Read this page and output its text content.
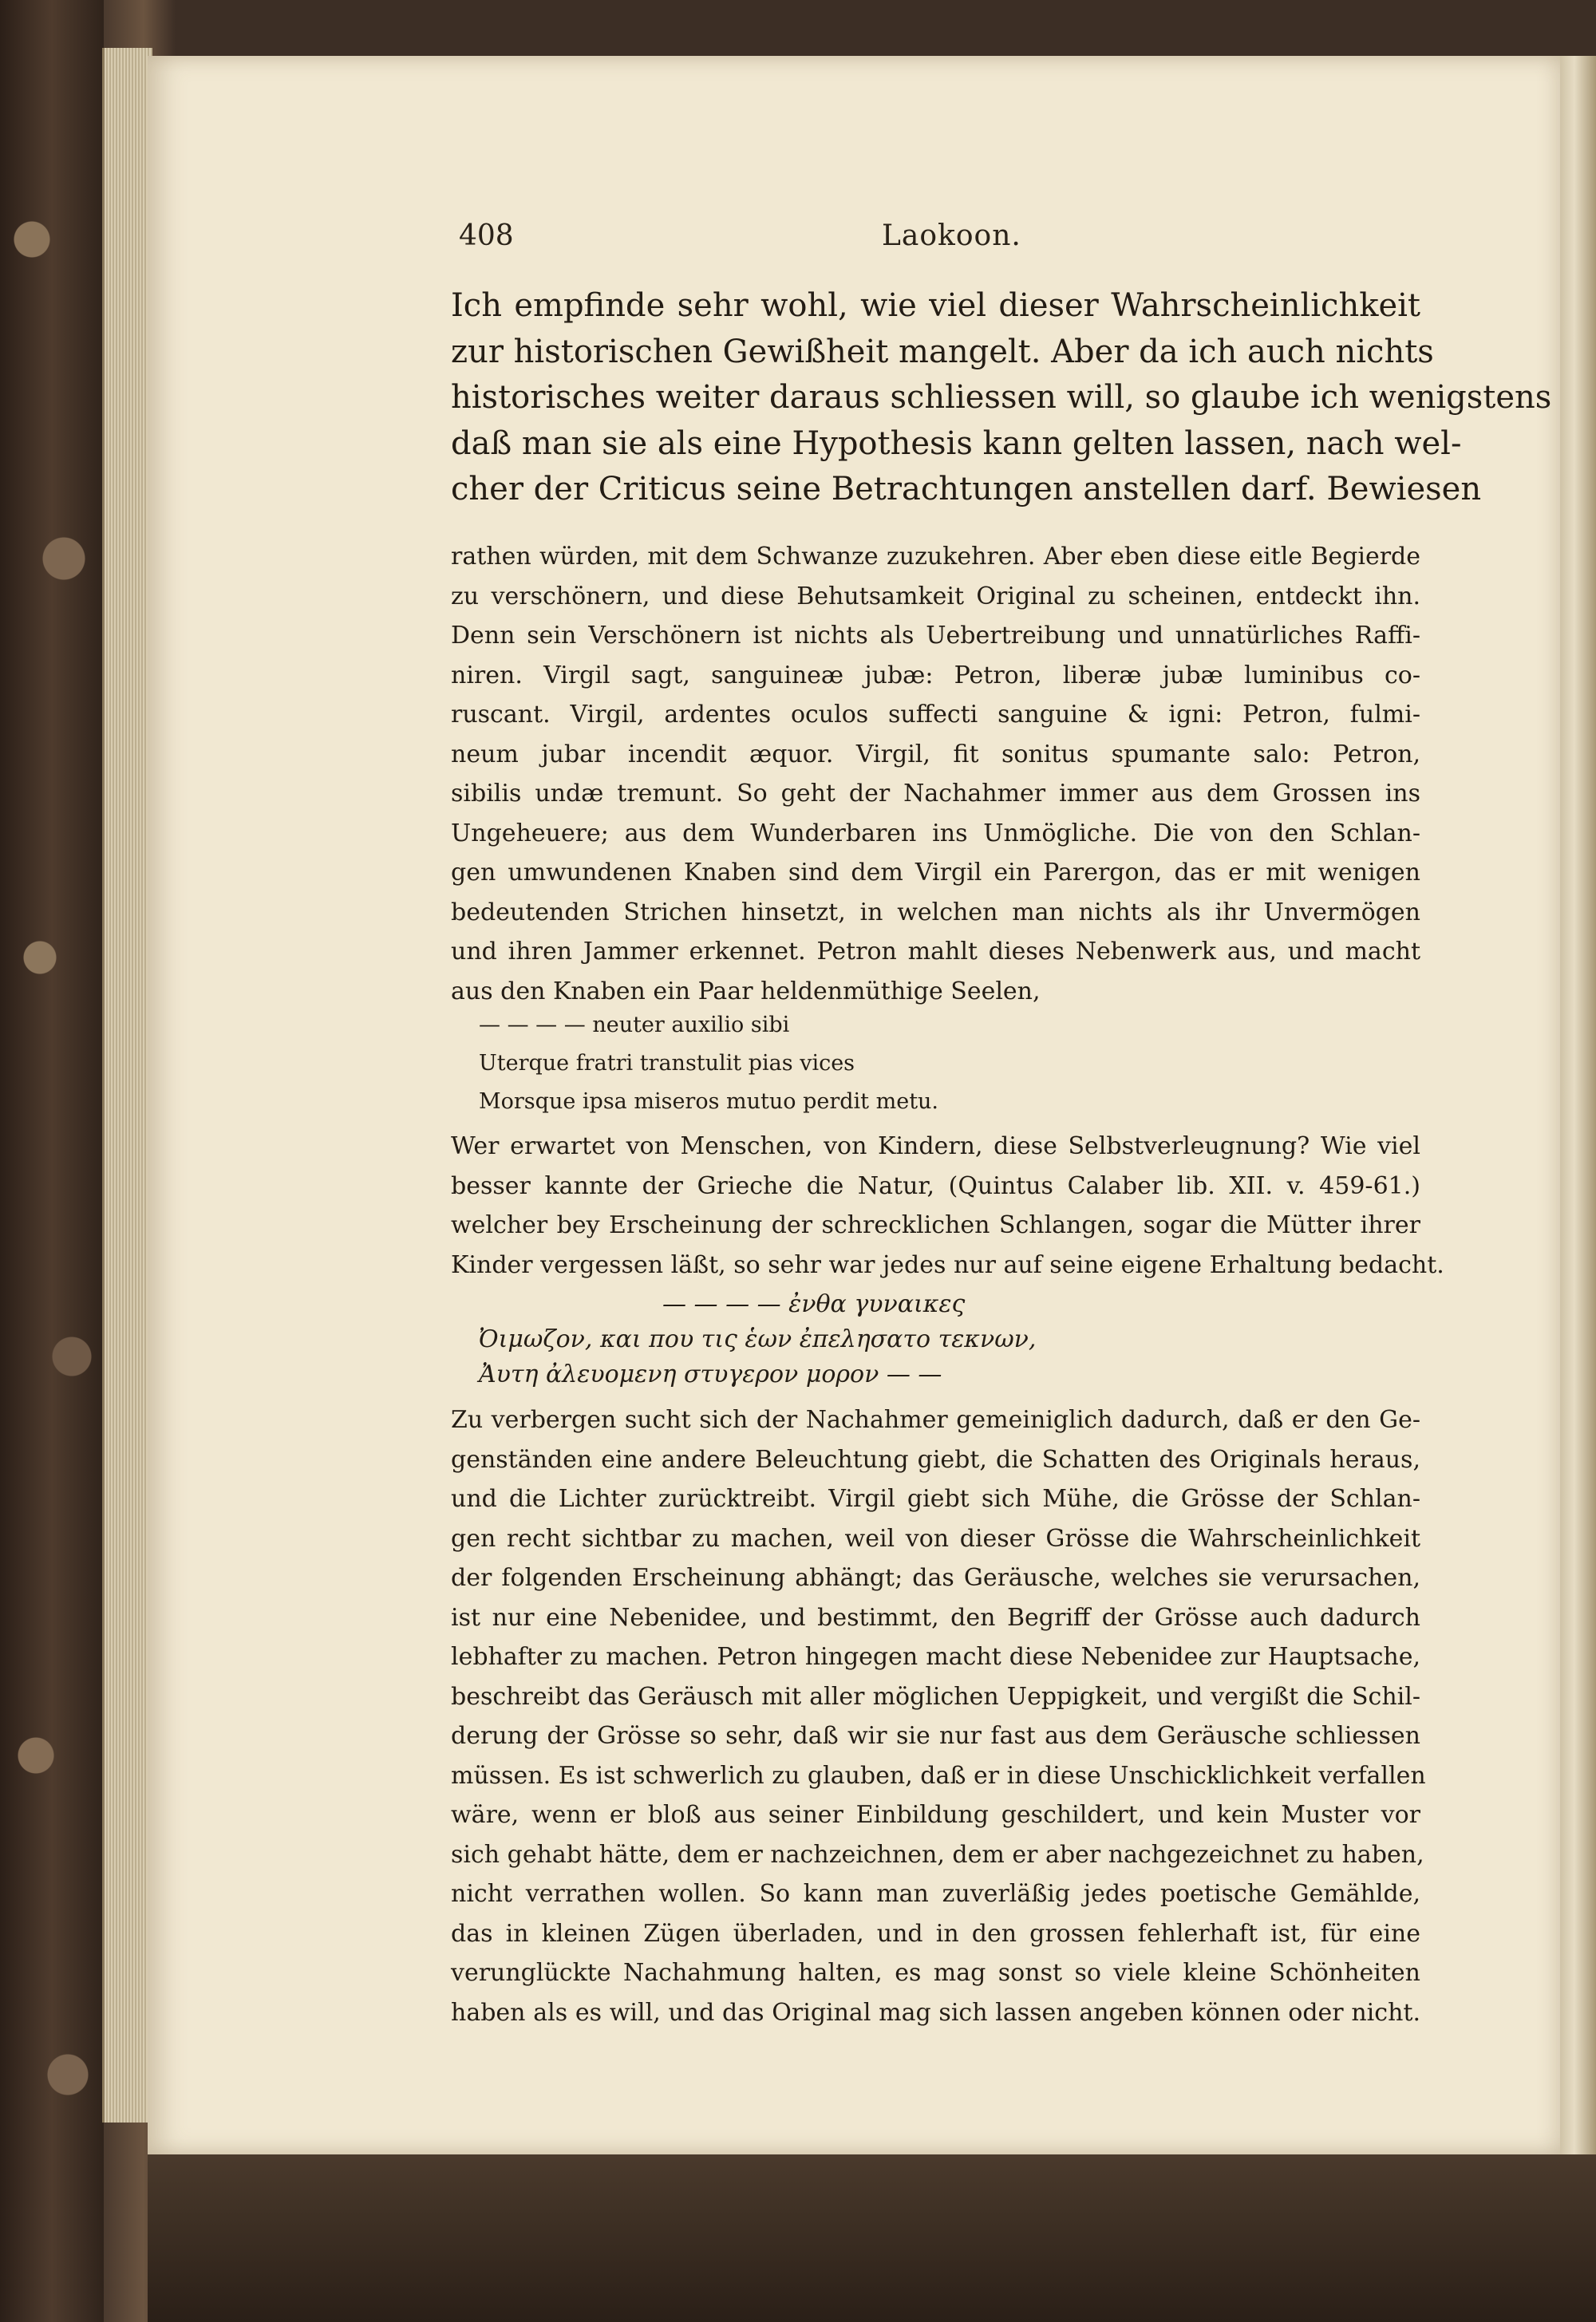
408	Laokoon.
Ich empfinde sehr wohl, wie viel dieser Wahrscheinlichkeit
zur historischen Gewißheit mangelt. Aber da ich auch nichts
historisches weiter daraus schliessen will, so glaube ich wenigstens
daß man sie als eine Hypothesis kann gelten lassen, nach wel-
cher der Criticus seine Betrachtungen anstellen darf. Bewiesen
rathen würden, mit dem Schwanze zuzukehren. Aber eben diese eitle Begierde
zu verschönern, und diese Behutsamkeit Original zu scheinen, entdeckt ihn.
Denn sein Verschönern ist nichts als Uebertreibung und unnatürliches Raffi-
niren. Virgil sagt, sanguineæ jubæ: Petron, liberæ jubæ luminibus co-
ruscant. Virgil, ardentes oculos suffecti sanguine & igni: Petron, fulmi-
neum jubar incendit æquor. Virgil, fit sonitus spumante salo: Petron,
sibilis undæ tremunt. So geht der Nachahmer immer aus dem Grossen ins
Ungeheuere; aus dem Wunderbaren ins Unmögliche. Die von den Schlan-
gen umwundenen Knaben sind dem Virgil ein Parergon, das er mit wenigen
bedeutenden Strichen hinsetzt, in welchen man nichts als ihr Unvermögen
und ihren Jammer erkennet. Petron mahlt dieses Nebenwerk aus, und macht
aus den Knaben ein Paar heldenmüthige Seelen,
— — — — neuter auxilio sibi
Uterque fratri transtulit pias vices
Morsque ipsa miseros mutuo perdit metu.
Wer erwartet von Menschen, von Kindern, diese Selbstverleugnung? Wie viel
besser kannte der Grieche die Natur, (Quintus Calaber lib. XII. v. 459-61.)
welcher bey Erscheinung der schrecklichen Schlangen, sogar die Mütter ihrer
Kinder vergessen läßt, so sehr war jedes nur auf seine eigene Erhaltung bedacht.
— — — — ἐνθα γυναικες
Ὀιμωζον, και που τις ἑων ἐπελησατο τεκνων,
Ἀυτη ἀλευομενη στυγερον μορον — —
Zu verbergen sucht sich der Nachahmer gemeiniglich dadurch, daß er den Ge-
genständen eine andere Beleuchtung giebt, die Schatten des Originals heraus,
und die Lichter zurücktreibt. Virgil giebt sich Mühe, die Grösse der Schlan-
gen recht sichtbar zu machen, weil von dieser Grösse die Wahrscheinlichkeit
der folgenden Erscheinung abhängt; das Geräusche, welches sie verursachen,
ist nur eine Nebenidee, und bestimmt, den Begriff der Grösse auch dadurch
lebhafter zu machen. Petron hingegen macht diese Nebenidee zur Hauptsache,
beschreibt das Geräusch mit aller möglichen Ueppigkeit, und vergißt die Schil-
derung der Grösse so sehr, daß wir sie nur fast aus dem Geräusche schliessen
müssen. Es ist schwerlich zu glauben, daß er in diese Unschicklichkeit verfallen
wäre, wenn er bloß aus seiner Einbildung geschildert, und kein Muster vor
sich gehabt hätte, dem er nachzeichnen, dem er aber nachgezeichnet zu haben,
nicht verrathen wollen. So kann man zuverläßig jedes poetische Gemählde,
das in kleinen Zügen überladen, und in den grossen fehlerhaft ist, für eine
verunglückte Nachahmung halten, es mag sonst so viele kleine Schönheiten
haben als es will, und das Original mag sich lassen angeben können oder nicht.
